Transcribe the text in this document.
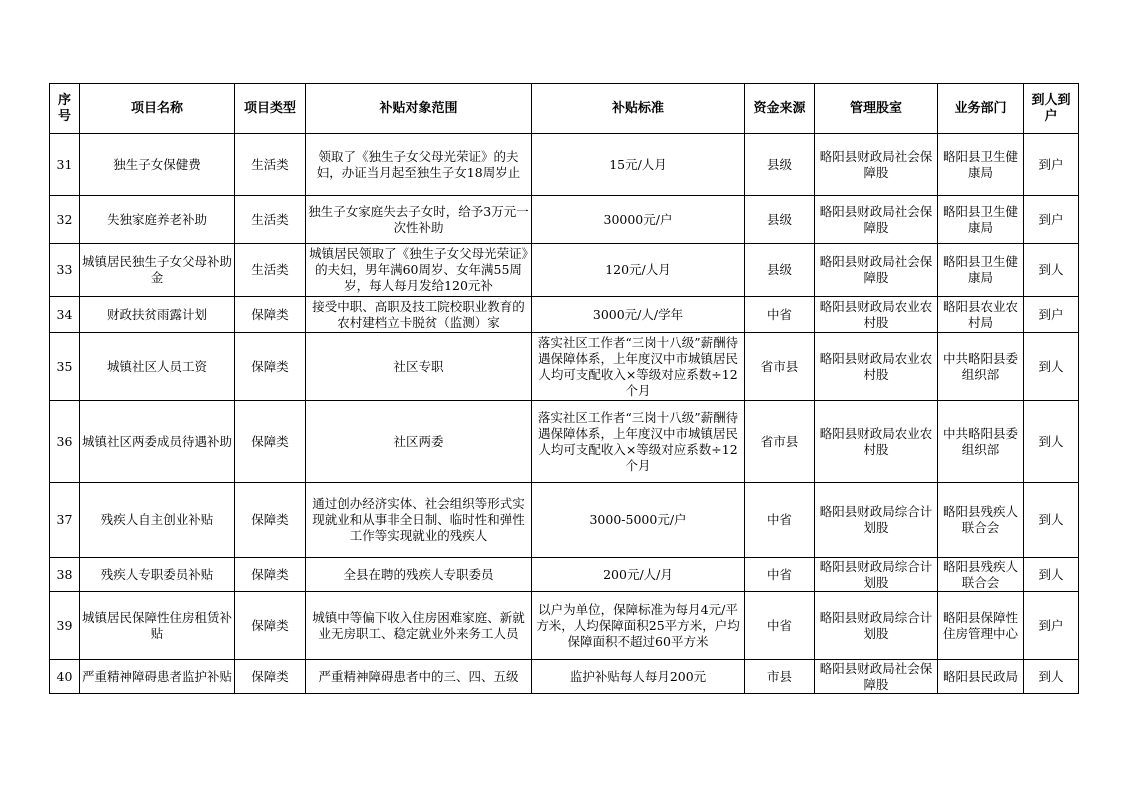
序号	项目名称	项目类型	补贴对象范围	补贴标准	资金来源	管理股室	业务部门	到人到户
31	独生子女保健费	生活类	领取了《独生子女父母光荣证》的夫妇，办证当月起至独生子女18周岁止	15元/人月	县级	略阳县财政局社会保障股	略阳县卫生健康局	到户
32	失独家庭养老补助	生活类	独生子女家庭失去子女时，给予3万元一次性补助	30000元/户	县级	略阳县财政局社会保障股	略阳县卫生健康局	到户
33	城镇居民独生子女父母补助金	生活类	城镇居民领取了《独生子女父母光荣证》的夫妇，男年满60周岁、女年满55周岁，每人每月发给120元补	120元/人月	县级	略阳县财政局社会保障股	略阳县卫生健康局	到人
34	财政扶贫雨露计划	保障类	接受中职、高职及技工院校职业教育的农村建档立卡脱贫（监测）家	3000元/人/学年	中省	略阳县财政局农业农村股	略阳县农业农村局	到户
35	城镇社区人员工资	保障类	社区专职	落实社区工作者“三岗十八级”薪酬待遇保障体系，上年度汉中市城镇居民人均可支配收入×等级对应系数÷12个月	省市县	略阳县财政局农业农村股	中共略阳县委组织部	到人
36	城镇社区两委成员待遇补助	保障类	社区两委	落实社区工作者“三岗十八级”薪酬待遇保障体系，上年度汉中市城镇居民人均可支配收入×等级对应系数÷12个月	省市县	略阳县财政局农业农村股	中共略阳县委组织部	到人
37	残疾人自主创业补贴	保障类	通过创办经济实体、社会组织等形式实现就业和从事非全日制、临时性和弹性工作等实现就业的残疾人	3000-5000元/户	中省	略阳县财政局综合计划股	略阳县残疾人联合会	到人
38	残疾人专职委员补贴	保障类	全县在聘的残疾人专职委员	200元/人/月	中省	略阳县财政局综合计划股	略阳县残疾人联合会	到人
39	城镇居民保障性住房租赁补贴	保障类	城镇中等偏下收入住房困难家庭、新就业无房职工、稳定就业外来务工人员	以户为单位，保障标准为每月4元/平方米，人均保障面积25平方米，户均保障面积不超过60平方米	中省	略阳县财政局综合计划股	略阳县保障性住房管理中心	到户
40	严重精神障碍患者监护补贴	保障类	严重精神障碍患者中的三、四、五级	监护补贴每人每月200元	市县	略阳县财政局社会保障股	略阳县民政局	到人
